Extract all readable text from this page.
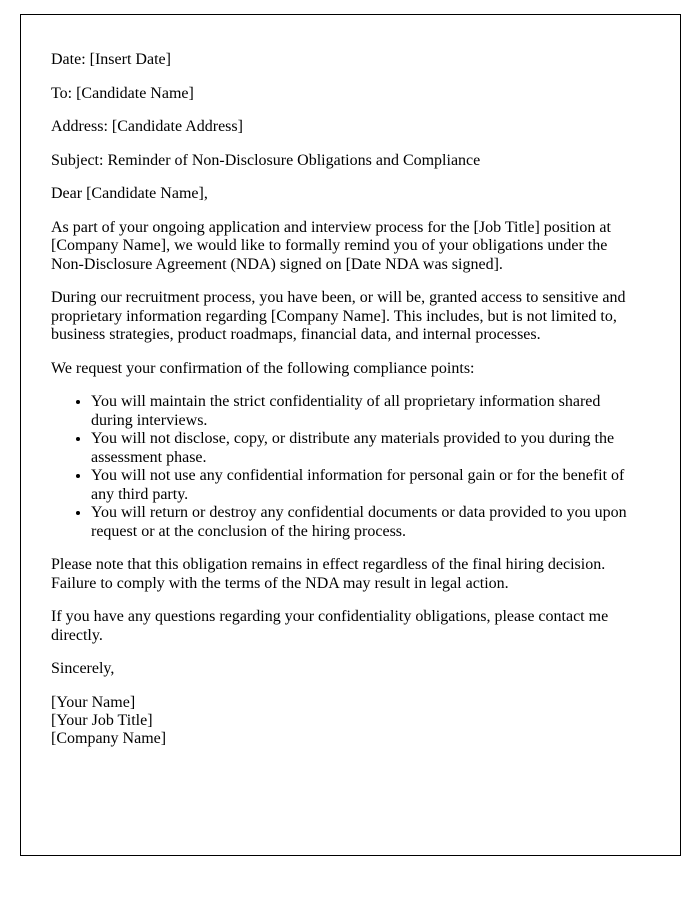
Date: [Insert Date]

To: [Candidate Name]

Address: [Candidate Address]

Subject: Reminder of Non-Disclosure Obligations and Compliance

Dear [Candidate Name],

As part of your ongoing application and interview process for the [Job Title] position at [Company Name], we would like to formally remind you of your obligations under the Non-Disclosure Agreement (NDA) signed on [Date NDA was signed].

During our recruitment process, you have been, or will be, granted access to sensitive and proprietary information regarding [Company Name]. This includes, but is not limited to, business strategies, product roadmaps, financial data, and internal processes.

We request your confirmation of the following compliance points:

• You will maintain the strict confidentiality of all proprietary information shared during interviews.
• You will not disclose, copy, or distribute any materials provided to you during the assessment phase.
• You will not use any confidential information for personal gain or for the benefit of any third party.
• You will return or destroy any confidential documents or data provided to you upon request or at the conclusion of the hiring process.

Please note that this obligation remains in effect regardless of the final hiring decision. Failure to comply with the terms of the NDA may result in legal action.

If you have any questions regarding your confidentiality obligations, please contact me directly.

Sincerely,

[Your Name]
[Your Job Title]
[Company Name]
